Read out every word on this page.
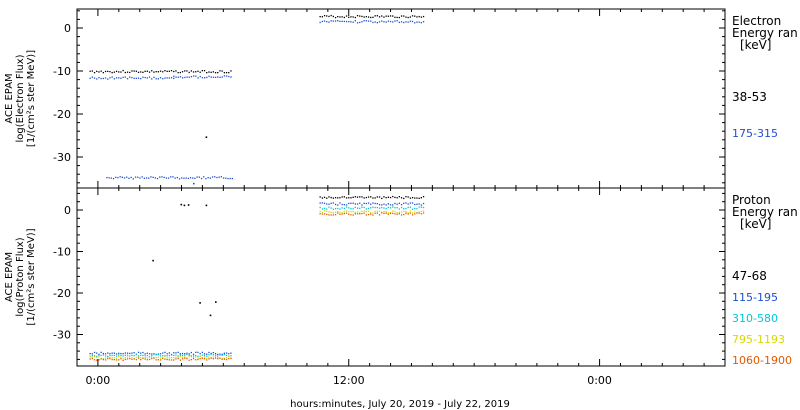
0
-10
-20
-30
ACE EPAM log(Electron Flux) [1/(cm²s ster MeV)]
Electron
Energy ran
[keV]
38-53
175-315
0
-10
-20
-30
ACE EPAM log(Proton Flux) [1/(cm²s ster MeV)]
Proton
Energy ran
[keV]
47-68
115-195
310-580
795-1193
1060-1900
0:00	12:00	0:00
hours:minutes, July 20, 2019 - July 22, 2019
